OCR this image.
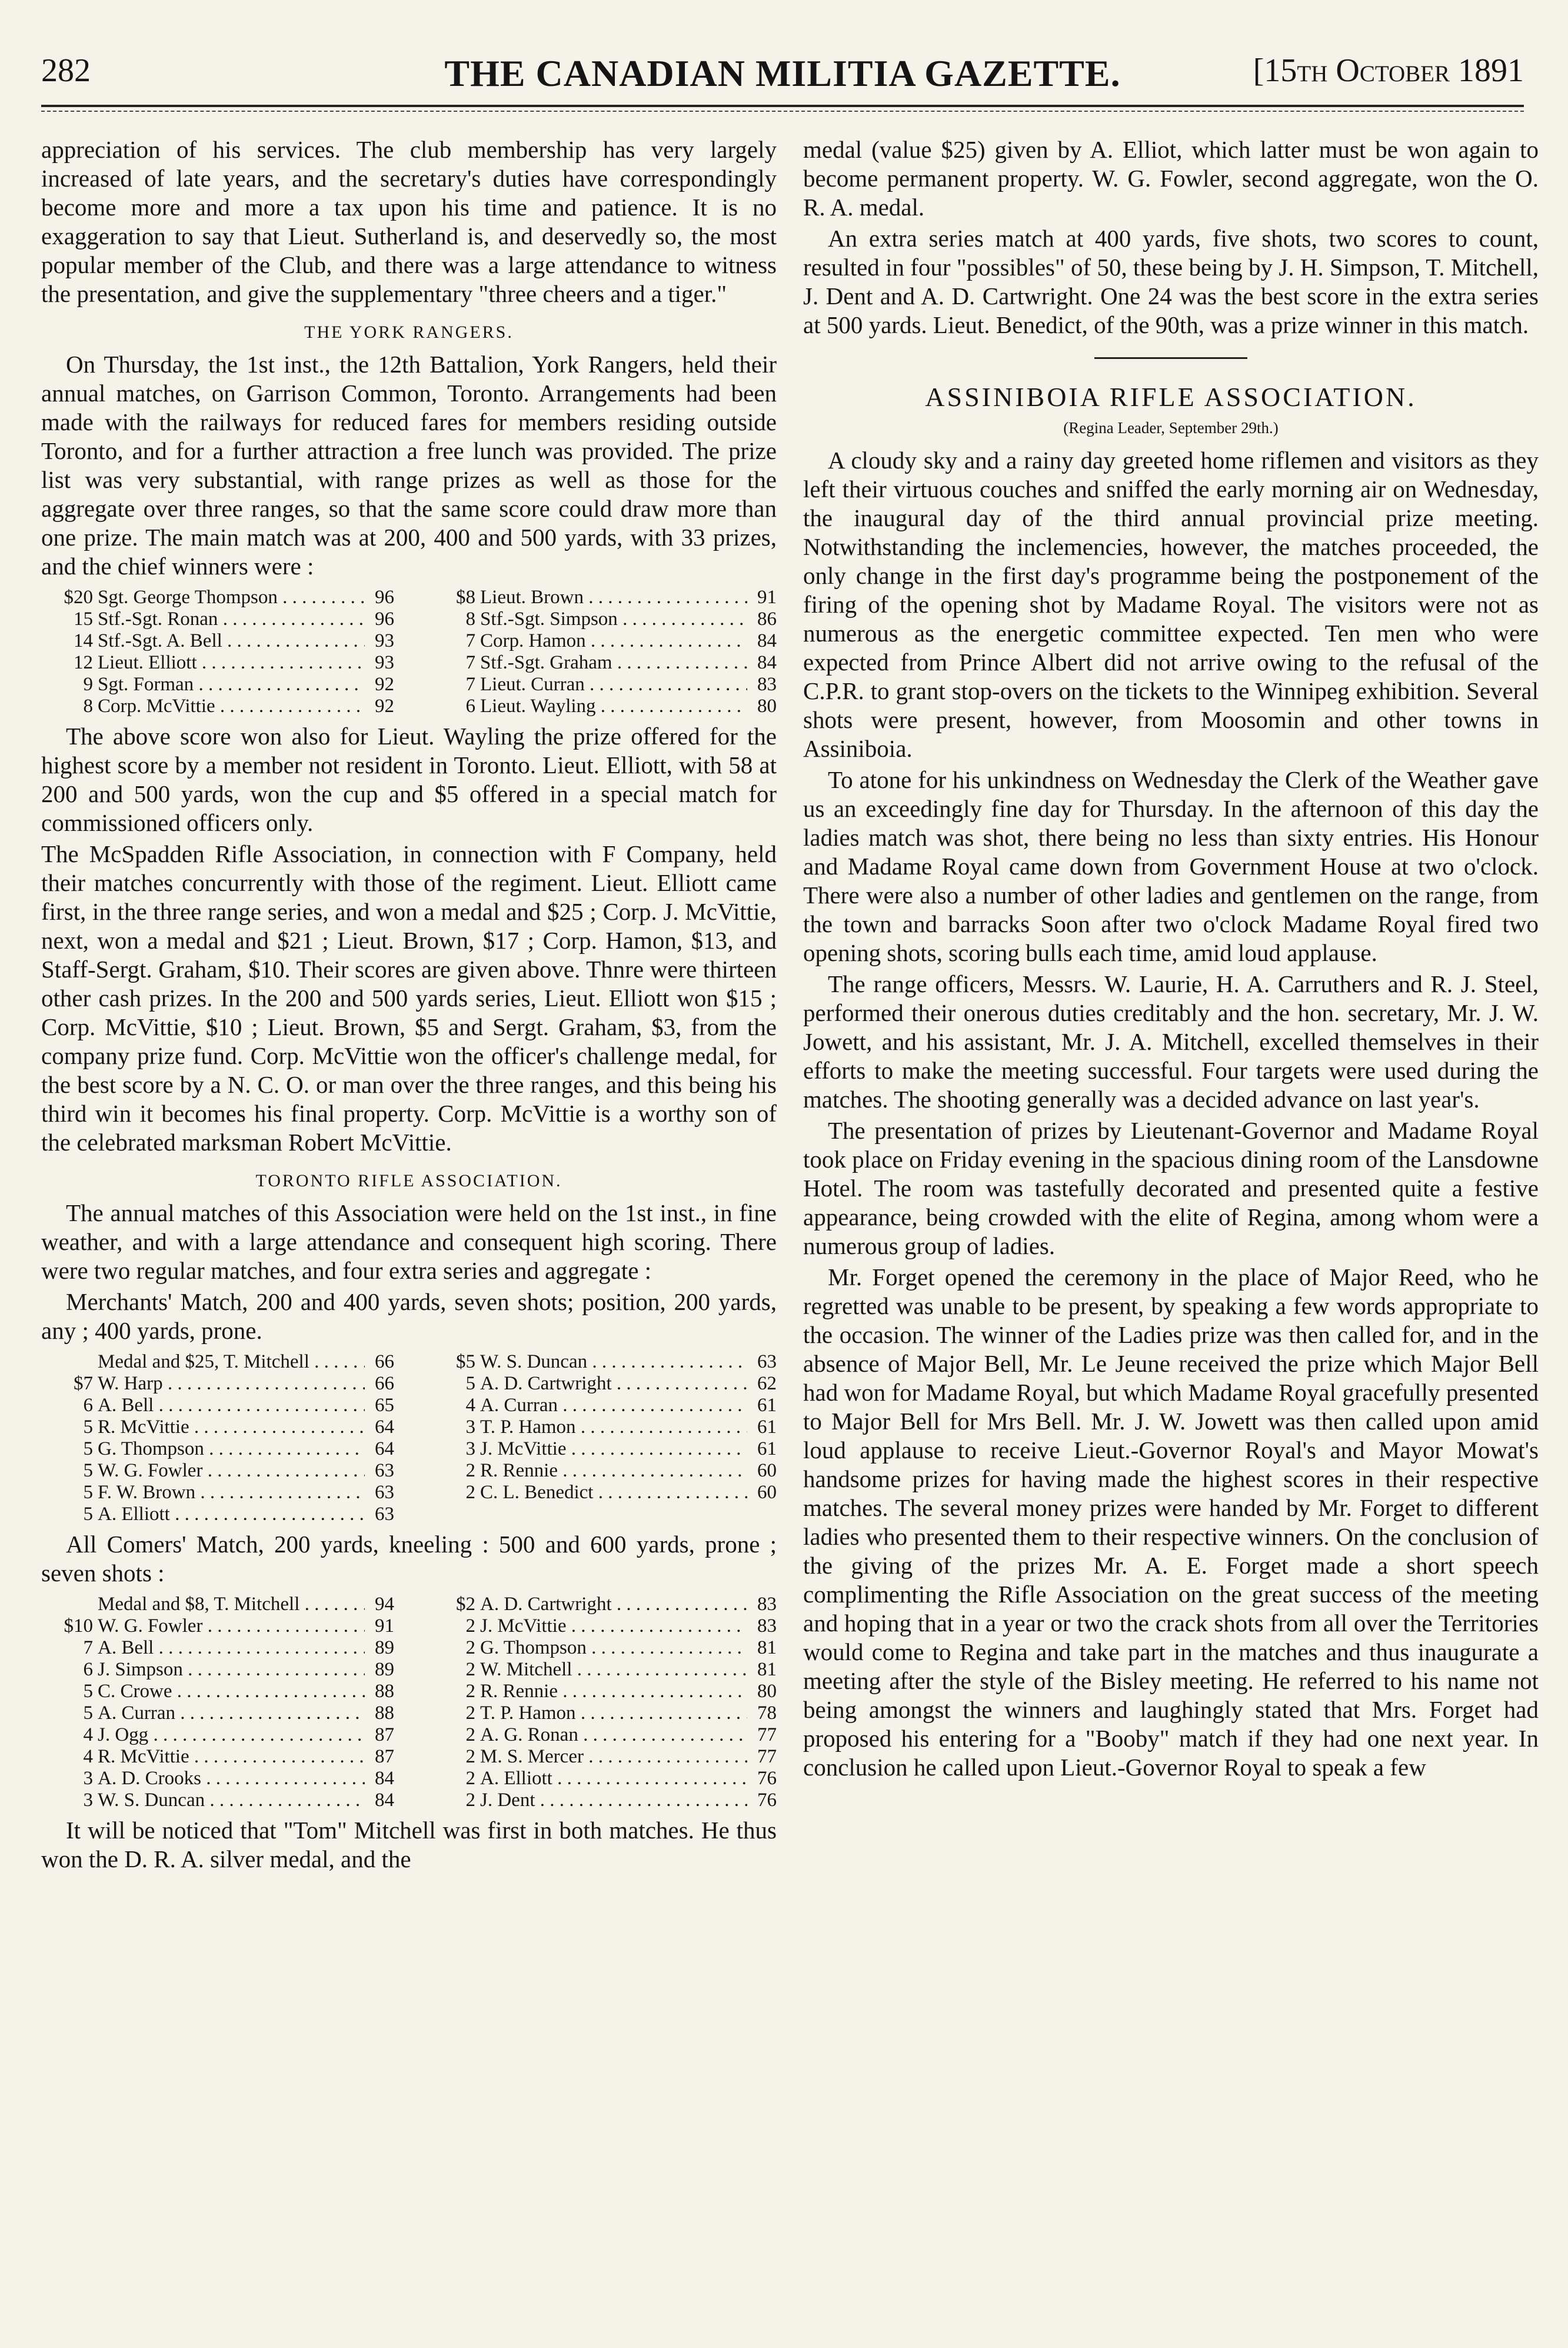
282	THE CANADIAN MILITIA GAZETTE.	[15th October 1891

appreciation of his services. The club membership has very largely increased of late years, and the secretary's duties have correspondingly become more and more a tax upon his time and patience. It is no exaggeration to say that Lieut. Sutherland is, and deservedly so, the most popular member of the Club, and there was a large attendance to witness the presentation, and give the supplementary "three cheers and a tiger."

THE YORK RANGERS.

On Thursday, the 1st inst., the 12th Battalion, York Rangers, held their annual matches, on Garrison Common, Toronto. Arrangements had been made with the railways for reduced fares for members residing outside Toronto, and for a further attraction a free lunch was provided. The prize list was very substantial, with range prizes as well as those for the aggregate over three ranges, so that the same score could draw more than one prize. The main match was at 200, 400 and 500 yards, with 33 prizes, and the chief winners were :

$20 Sgt. George Thompson . . .	96
15 Stf.-Sgt. Ronan . . .	96
14 Stf.-Sgt. A. Bell . . .	93
12 Lieut. Elliott . . .	93
9 Sgt. Forman . . .	92
8 Corp. McVittie . . .	92
$8 Lieut. Brown . . .	91
8 Stf.-Sgt. Simpson . . .	86
7 Corp. Hamon . . .	84
7 Stf.-Sgt. Graham . . .	84
7 Lieut. Curran . . .	83
6 Lieut. Wayling . . .	80

The above score won also for Lieut. Wayling the prize offered for the highest score by a member not resident in Toronto. Lieut. Elliott, with 58 at 200 and 500 yards, won the cup and $5 offered in a special match for commissioned officers only.

The McSpadden Rifle Association, in connection with F Company, held their matches concurrently with those of the regiment. Lieut. Elliott came first, in the three range series, and won a medal and $25 ; Corp. J. McVittie, next, won a medal and $21 ; Lieut. Brown, $17 ; Corp. Hamon, $13, and Staff-Sergt. Graham, $10. Their scores are given above. Thnre were thirteen other cash prizes. In the 200 and 500 yards series, Lieut. Elliott won $15 ; Corp. McVittie, $10 ; Lieut. Brown, $5 and Sergt. Graham, $3, from the company prize fund. Corp. McVittie won the officer's challenge medal, for the best score by a N. C. O. or man over the three ranges, and this being his third win it becomes his final property. Corp. McVittie is a worthy son of the celebrated marksman Robert McVittie.

TORONTO RIFLE ASSOCIATION.

The annual matches of this Association were held on the 1st inst., in fine weather, and with a large attendance and consequent high scoring. There were two regular matches, and four extra series and aggregate :

Merchants' Match, 200 and 400 yards, seven shots; position, 200 yards, any ; 400 yards, prone.

Medal and $25, T. Mitchell . . .	66
$7 W. Harp . . .	66
6 A. Bell . . .	65
5 R. McVittie . . .	64
5 G. Thompson . . .	64
5 W. G. Fowler . . .	63
5 F. W. Brown . . .	63
5 A. Elliott . . .	63
$5 W. S. Duncan . . .	63
5 A. D. Cartwright . . .	62
4 A. Curran . . .	61
3 T. P. Hamon . . .	61
3 J. McVittie . . .	61
2 R. Rennie . . .	60
2 C. L. Benedict . . .	60

All Comers' Match, 200 yards, kneeling : 500 and 600 yards, prone ; seven shots :

Medal and $8, T. Mitchell . . .	94
$10 W. G. Fowler . . .	91
7 A. Bell . . .	89
6 J. Simpson . . .	89
5 C. Crowe . . .	88
5 A. Curran . . .	88
4 J. Ogg . . .	87
4 R. McVittie . . .	87
3 A. D. Crooks . . .	84
3 W. S. Duncan . . .	84
$2 A. D. Cartwright . . .	83
2 J. McVittie . . .	83
2 G. Thompson . . .	81
2 W. Mitchell . . .	81
2 R. Rennie . . .	80
2 T. P. Hamon . . .	78
2 A. G. Ronan . . .	77
2 M. S. Mercer . . .	77
2 A. Elliott . . .	76
2 J. Dent . . .	76

It will be noticed that "Tom" Mitchell was first in both matches. He thus won the D. R. A. silver medal, and the

medal (value $25) given by A. Elliot, which latter must be won again to become permanent property. W. G. Fowler, second aggregate, won the O. R. A. medal.

An extra series match at 400 yards, five shots, two scores to count, resulted in four "possibles" of 50, these being by J. H. Simpson, T. Mitchell, J. Dent and A. D. Cartwright. One 24 was the best score in the extra series at 500 yards. Lieut. Benedict, of the 90th, was a prize winner in this match.

ASSINIBOIA RIFLE ASSOCIATION.
(Regina Leader, September 29th.)

A cloudy sky and a rainy day greeted home riflemen and visitors as they left their virtuous couches and sniffed the early morning air on Wednesday, the inaugural day of the third annual provincial prize meeting. Notwithstanding the inclemencies, however, the matches proceeded, the only change in the first day's programme being the postponement of the firing of the opening shot by Madame Royal. The visitors were not as numerous as the energetic committee expected. Ten men who were expected from Prince Albert did not arrive owing to the refusal of the C.P.R. to grant stop-overs on the tickets to the Winnipeg exhibition. Several shots were present, however, from Moosomin and other towns in Assiniboia.

To atone for his unkindness on Wednesday the Clerk of the Weather gave us an exceedingly fine day for Thursday. In the afternoon of this day the ladies match was shot, there being no less than sixty entries. His Honour and Madame Royal came down from Government House at two o'clock. There were also a number of other ladies and gentlemen on the range, from the town and barracks Soon after two o'clock Madame Royal fired two opening shots, scoring bulls each time, amid loud applause.

The range officers, Messrs. W. Laurie, H. A. Carruthers and R. J. Steel, performed their onerous duties creditably and the hon. secretary, Mr. J. W. Jowett, and his assistant, Mr. J. A. Mitchell, excelled themselves in their efforts to make the meeting successful. Four targets were used during the matches. The shooting generally was a decided advance on last year's.

The presentation of prizes by Lieutenant-Governor and Madame Royal took place on Friday evening in the spacious dining room of the Lansdowne Hotel. The room was tastefully decorated and presented quite a festive appearance, being crowded with the elite of Regina, among whom were a numerous group of ladies.

Mr. Forget opened the ceremony in the place of Major Reed, who he regretted was unable to be present, by speaking a few words appropriate to the occasion. The winner of the Ladies prize was then called for, and in the absence of Major Bell, Mr. Le Jeune received the prize which Major Bell had won for Madame Royal, but which Madame Royal gracefully presented to Major Bell for Mrs Bell. Mr. J. W. Jowett was then called upon amid loud applause to receive Lieut.-Governor Royal's and Mayor Mowat's handsome prizes for having made the highest scores in their respective matches. The several money prizes were handed by Mr. Forget to different ladies who presented them to their respective winners. On the conclusion of the giving of the prizes Mr. A. E. Forget made a short speech complimenting the Rifle Association on the great success of the meeting and hoping that in a year or two the crack shots from all over the Territories would come to Regina and take part in the matches and thus inaugurate a meeting after the style of the Bisley meeting. He referred to his name not being amongst the winners and laughingly stated that Mrs. Forget had proposed his entering for a "Booby" match if they had one next year. In conclusion he called upon Lieut.-Governor Royal to speak a few
